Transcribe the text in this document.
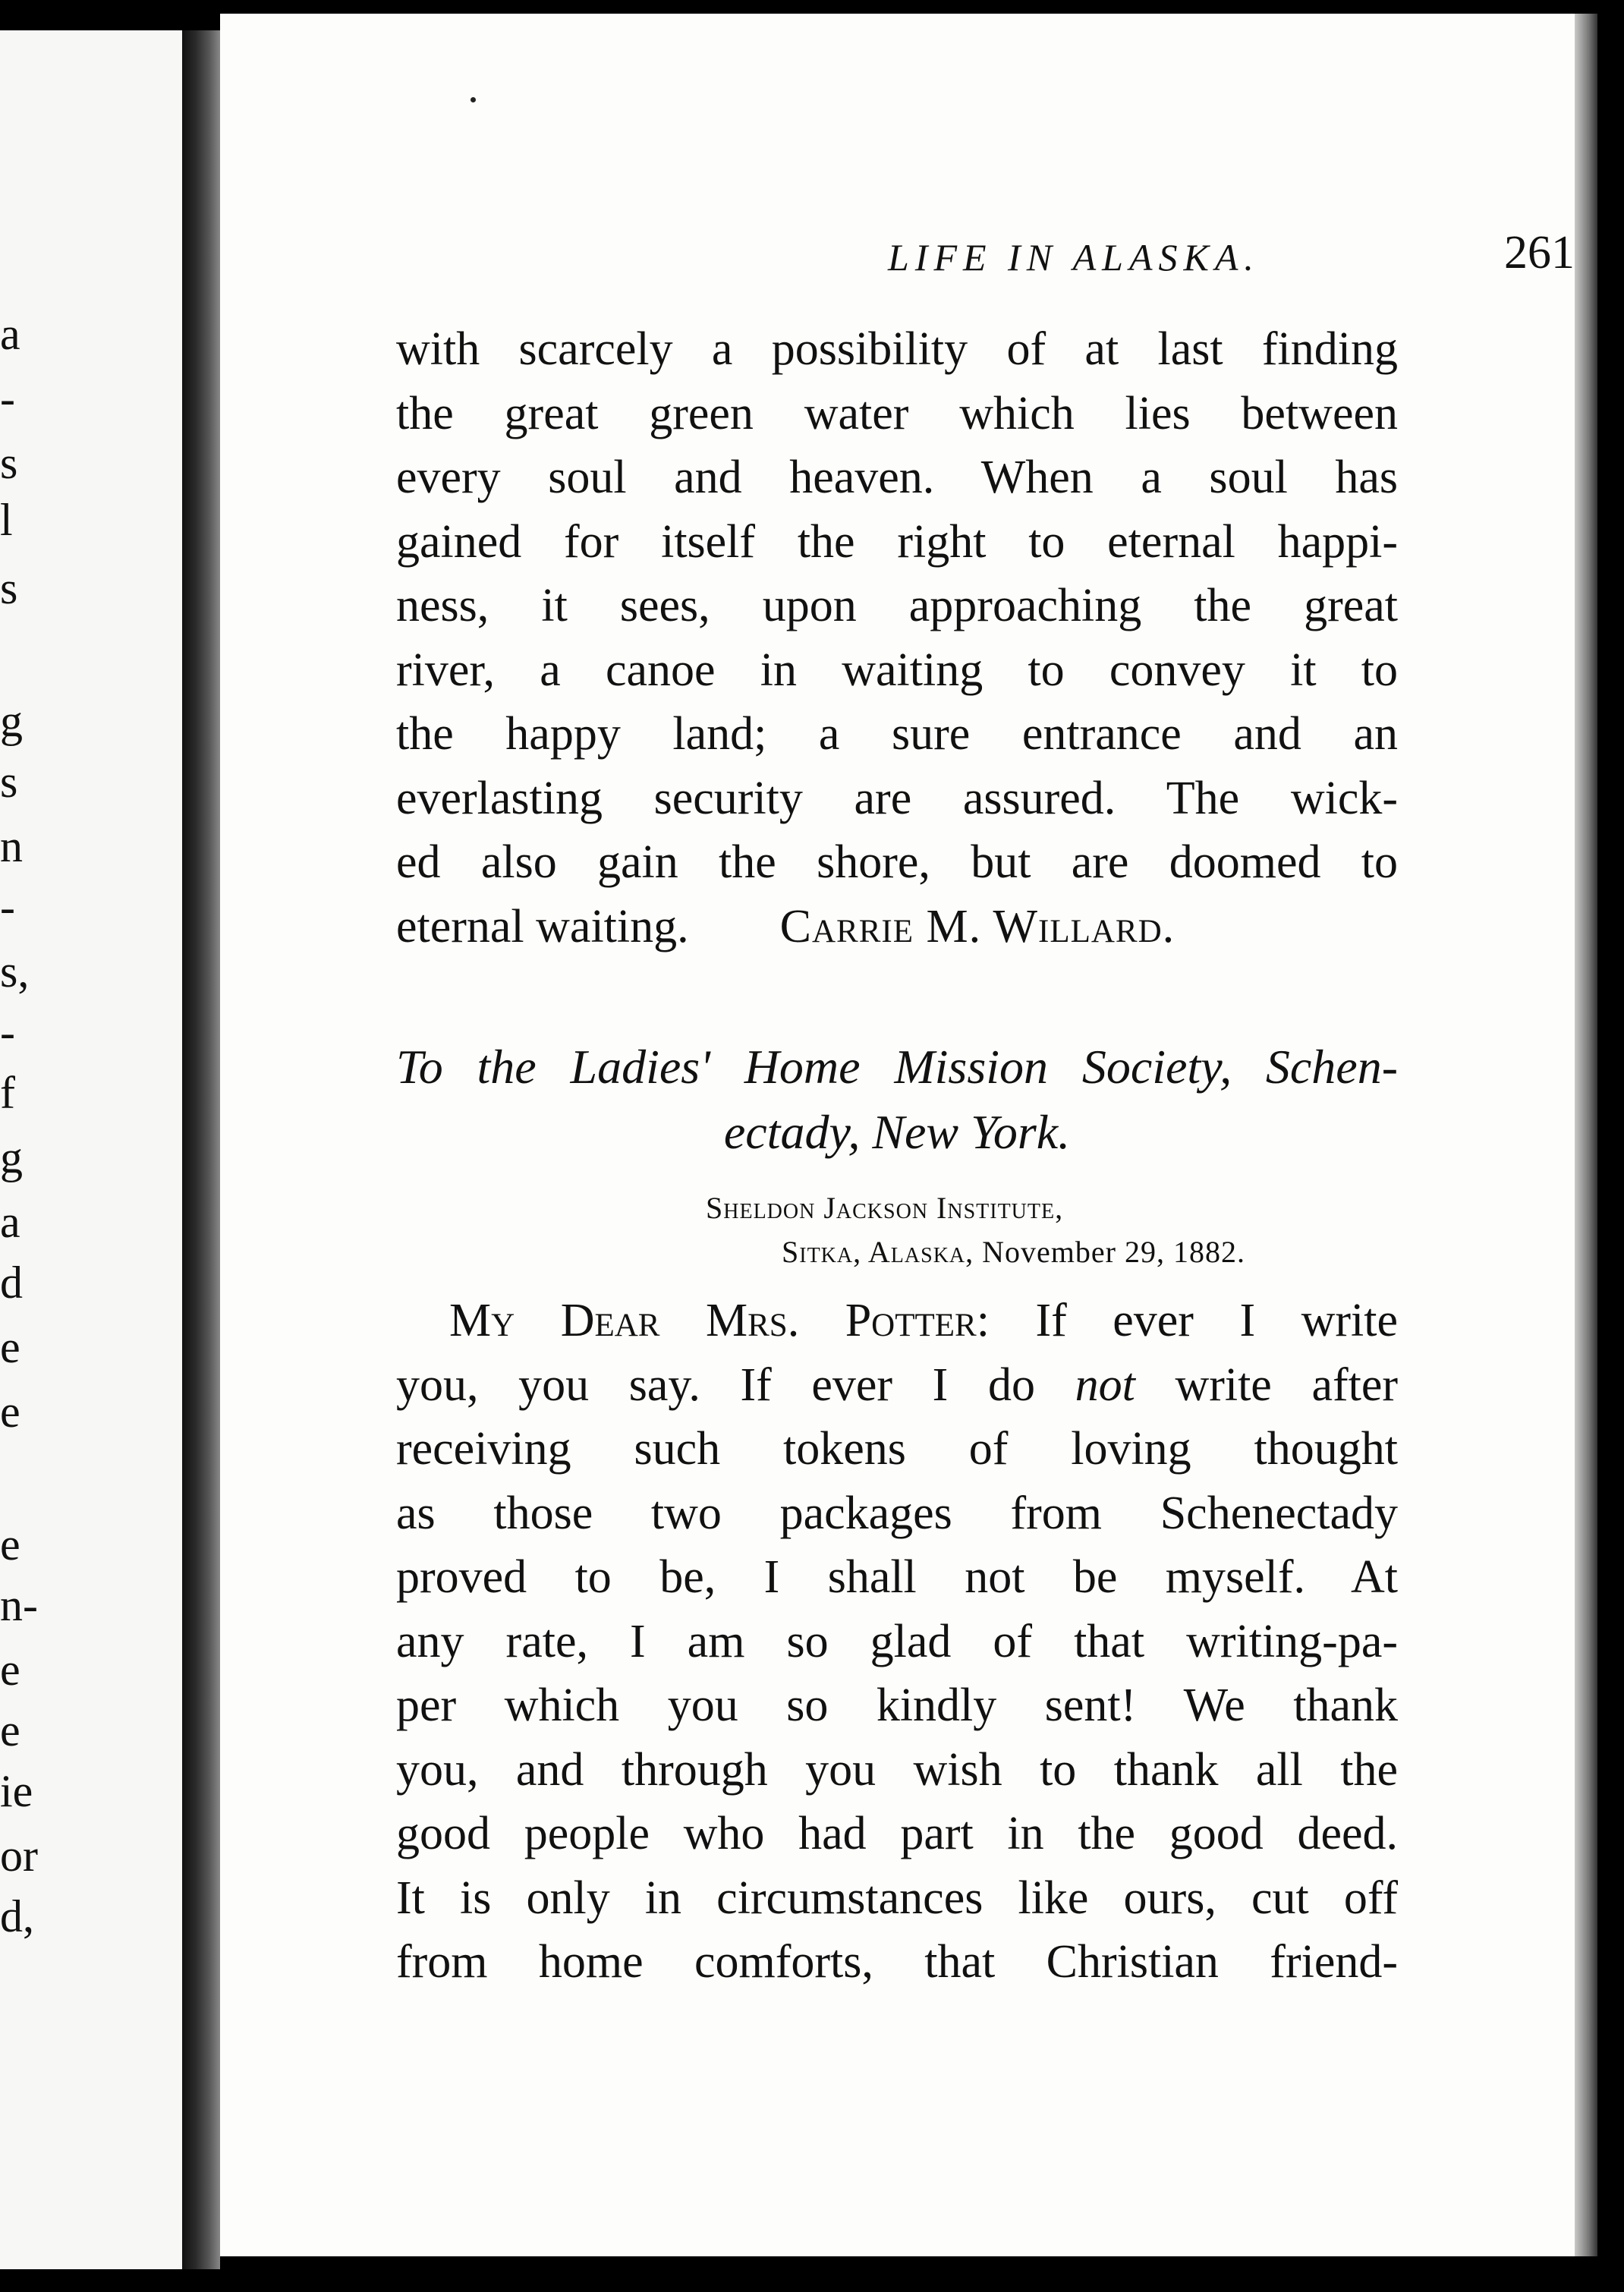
a
-
s
l
s
g
s
n
-
s,
-
f
g
a
d
e
e
e
n-
e
e
ie
or
d,
LIFE IN ALASKA.	261
with scarcely a possibility of at last finding
the great green water which lies between
every soul and heaven. When a soul has
gained for itself the right to eternal happi-
ness, it sees, upon approaching the great
river, a canoe in waiting to convey it to
the happy land; a sure entrance and an
everlasting security are assured. The wick-
ed also gain the shore, but are doomed to
eternal waiting. Carrie M. Willard.
To the Ladies' Home Mission Society, Schen-
ectady, New York.
Sheldon Jackson Institute,
Sitka, Alaska, November 29, 1882.
My Dear Mrs. Potter: If ever I write
you, you say. If ever I do not write after
receiving such tokens of loving thought
as those two packages from Schenectady
proved to be, I shall not be myself. At
any rate, I am so glad of that writing-pa-
per which you so kindly sent! We thank
you, and through you wish to thank all the
good people who had part in the good deed.
It is only in circumstances like ours, cut off
from home comforts, that Christian friend-
